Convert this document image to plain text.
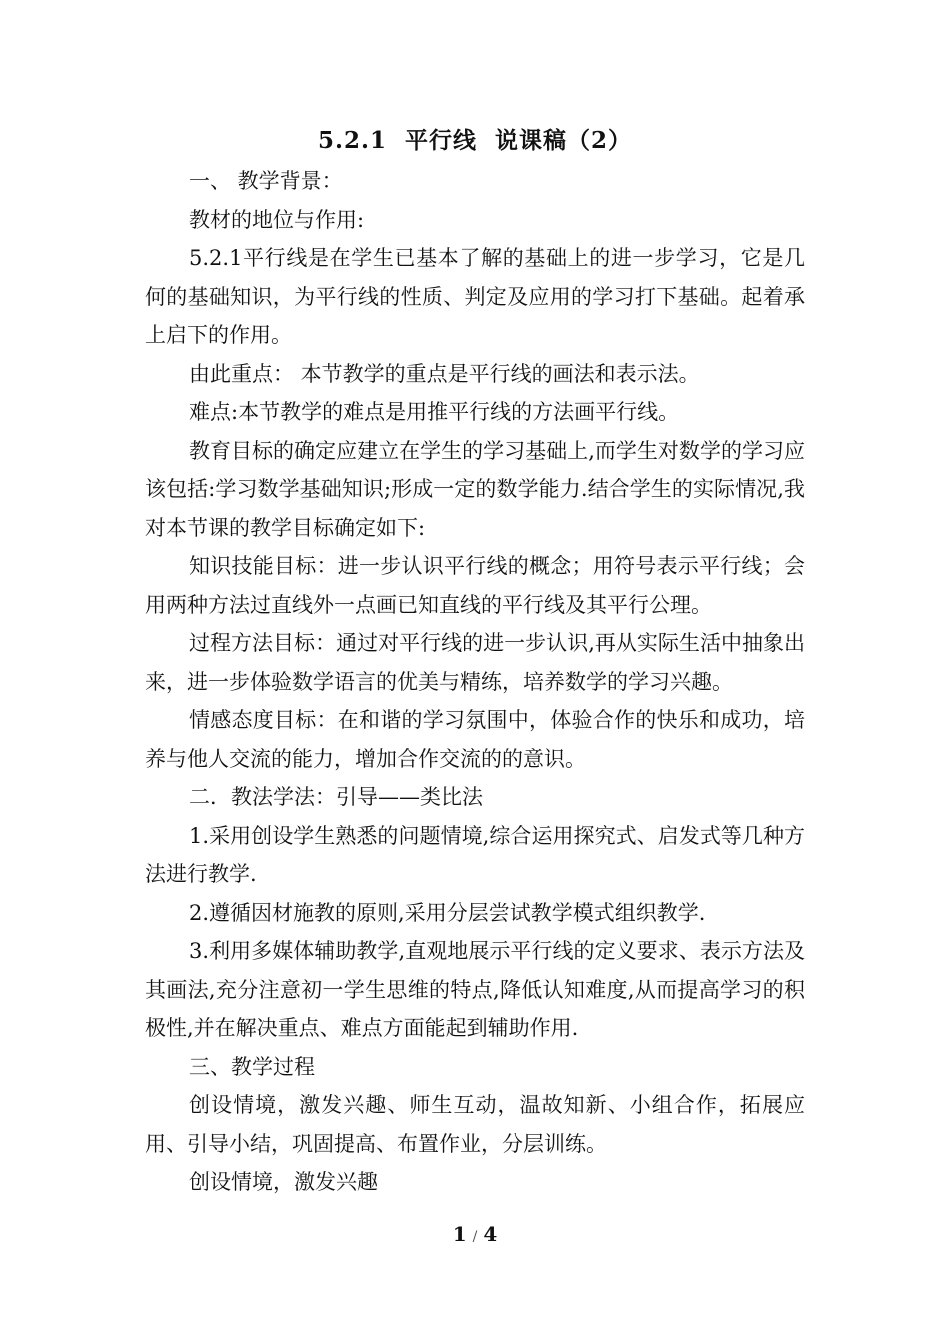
5.2.1  平行线  说课稿（2）

一、 教学背景：

教材的地位与作用:

5.2.1平行线是在学生已基本了解的基础上的进一步学习，它是几何的基础知识，为平行线的性质、判定及应用的学习打下基础。起着承上启下的作用。

由此重点： 本节教学的重点是平行线的画法和表示法。

难点:本节教学的难点是用推平行线的方法画平行线。

教育目标的确定应建立在学生的学习基础上,而学生对数学的学习应该包括:学习数学基础知识;形成一定的数学能力.结合学生的实际情况,我对本节课的教学目标确定如下:

知识技能目标：进一步认识平行线的概念；用符号表示平行线；会用两种方法过直线外一点画已知直线的平行线及其平行公理。

过程方法目标：通过对平行线的进一步认识,再从实际生活中抽象出来，进一步体验数学语言的优美与精练，培养数学的学习兴趣。

情感态度目标：在和谐的学习氛围中，体验合作的快乐和成功，培养与他人交流的能力，增加合作交流的的意识。

二．教法学法：引导——类比法

1.采用创设学生熟悉的问题情境,综合运用探究式、启发式等几种方法进行教学.

2.遵循因材施教的原则,采用分层尝试教学模式组织教学.

3.利用多媒体辅助教学,直观地展示平行线的定义要求、表示方法及其画法,充分注意初一学生思维的特点,降低认知难度,从而提高学习的积极性,并在解决重点、难点方面能起到辅助作用.

三、教学过程

创设情境，激发兴趣、师生互动，温故知新、小组合作，拓展应用、引导小结，巩固提高、布置作业，分层训练。

创设情境，激发兴趣

1 / 4
